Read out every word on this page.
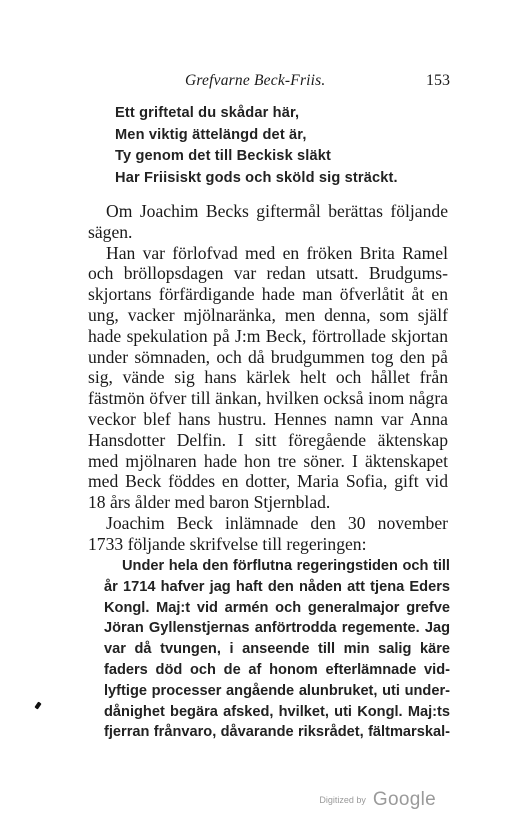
Grefvarne Beck-Friis.	153
Ett griftetal du skådar här,
Men viktig ättelängd det är,
Ty genom det till Beckisk släkt
Har Friisiskt gods och sköld sig sträckt.
Om Joachim Becks giftermål berättas följande
sägen.
Han var förlofvad med en fröken Brita Ramel
och bröllopsdagen var redan utsatt. Brudgums-
skjortans förfärdigande hade man öfverlåtit åt en
ung, vacker mjölnaränka, men denna, som själf
hade spekulation på J:m Beck, förtrollade skjortan
under sömnaden, och då brudgummen tog den på
sig, vände sig hans kärlek helt och hållet från
fästmön öfver till änkan, hvilken också inom några
veckor blef hans hustru. Hennes namn var Anna
Hansdotter Delfin. I sitt föregående äktenskap
med mjölnaren hade hon tre söner. I äktenskapet
med Beck föddes en dotter, Maria Sofia, gift vid
18 års ålder med baron Stjernblad.
Joachim Beck inlämnade den 30 november
1733 följande skrifvelse till regeringen:
Under hela den förflutna regeringstiden och till
år 1714 hafver jag haft den nåden att tjena Eders
Kongl. Maj:t vid armén och generalmajor grefve
Jöran Gyllenstjernas anförtrodda regemente. Jag
var då tvungen, i anseende till min salig käre
faders död och de af honom efterlämnade vid-
lyftige processer angående alunbruket, uti under-
dånighet begära afsked, hvilket, uti Kongl. Maj:ts
fjerran frånvaro, dåvarande riksrådet, fältmarskal-
Digitized by Google
